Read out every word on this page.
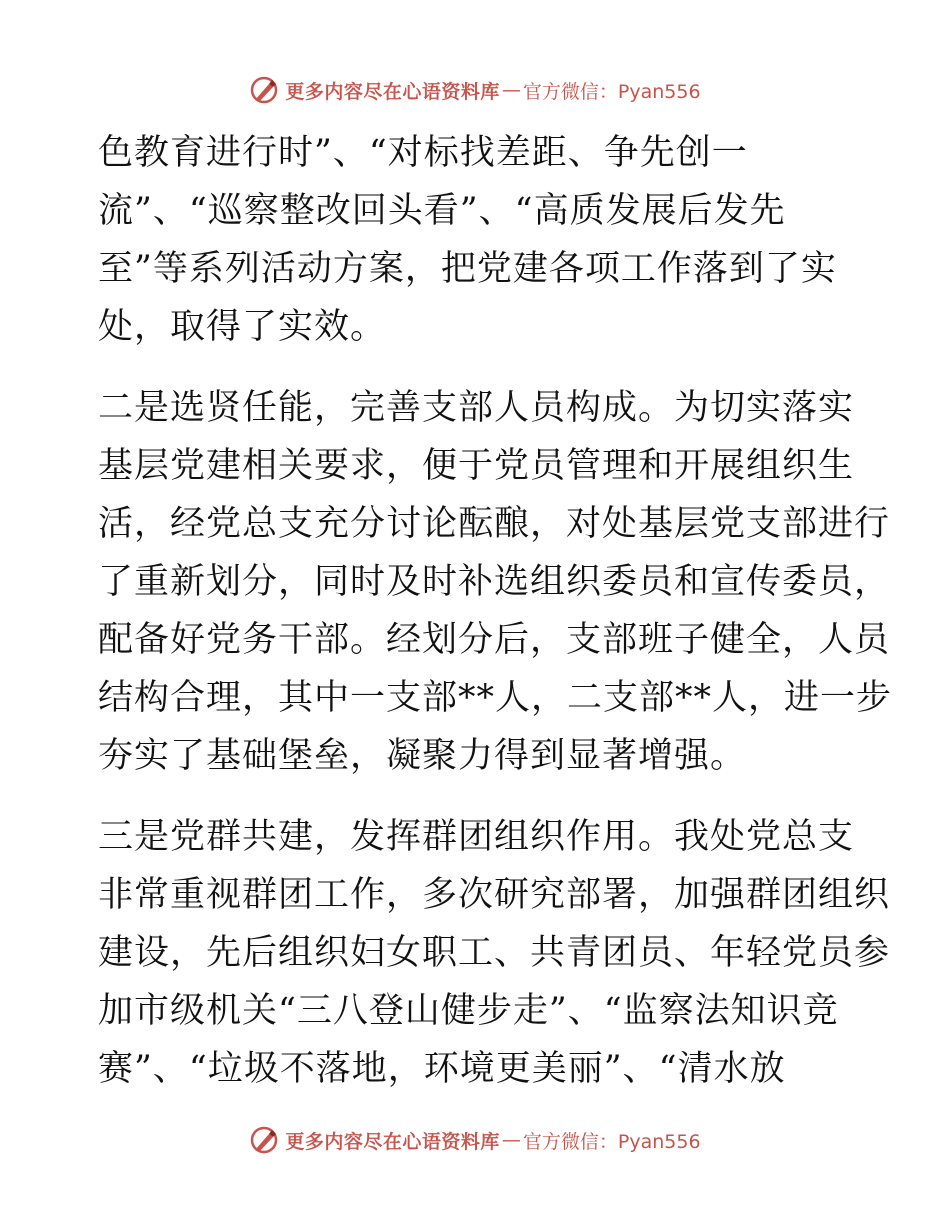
更多内容尽在心语资料库 — 官方微信：Pyan556
色教育进行时”、“对标找差距、争先创一
流”、“巡察整改回头看”、“高质发展后发先
至”等系列活动方案，把党建各项工作落到了实
处，取得了实效。
二是选贤任能，完善支部人员构成。为切实落实
基层党建相关要求，便于党员管理和开展组织生
活，经党总支充分讨论酝酿，对处基层党支部进行
了重新划分，同时及时补选组织委员和宣传委员，
配备好党务干部。经划分后，支部班子健全，人员
结构合理，其中一支部**人，二支部**人，进一步
夯实了基础堡垒，凝聚力得到显著增强。
三是党群共建，发挥群团组织作用。我处党总支
非常重视群团工作，多次研究部署，加强群团组织
建设，先后组织妇女职工、共青团员、年轻党员参
加市级机关“三八登山健步走”、“监察法知识竞
赛”、“垃圾不落地，环境更美丽”、“清水放
更多内容尽在心语资料库 — 官方微信：Pyan556
